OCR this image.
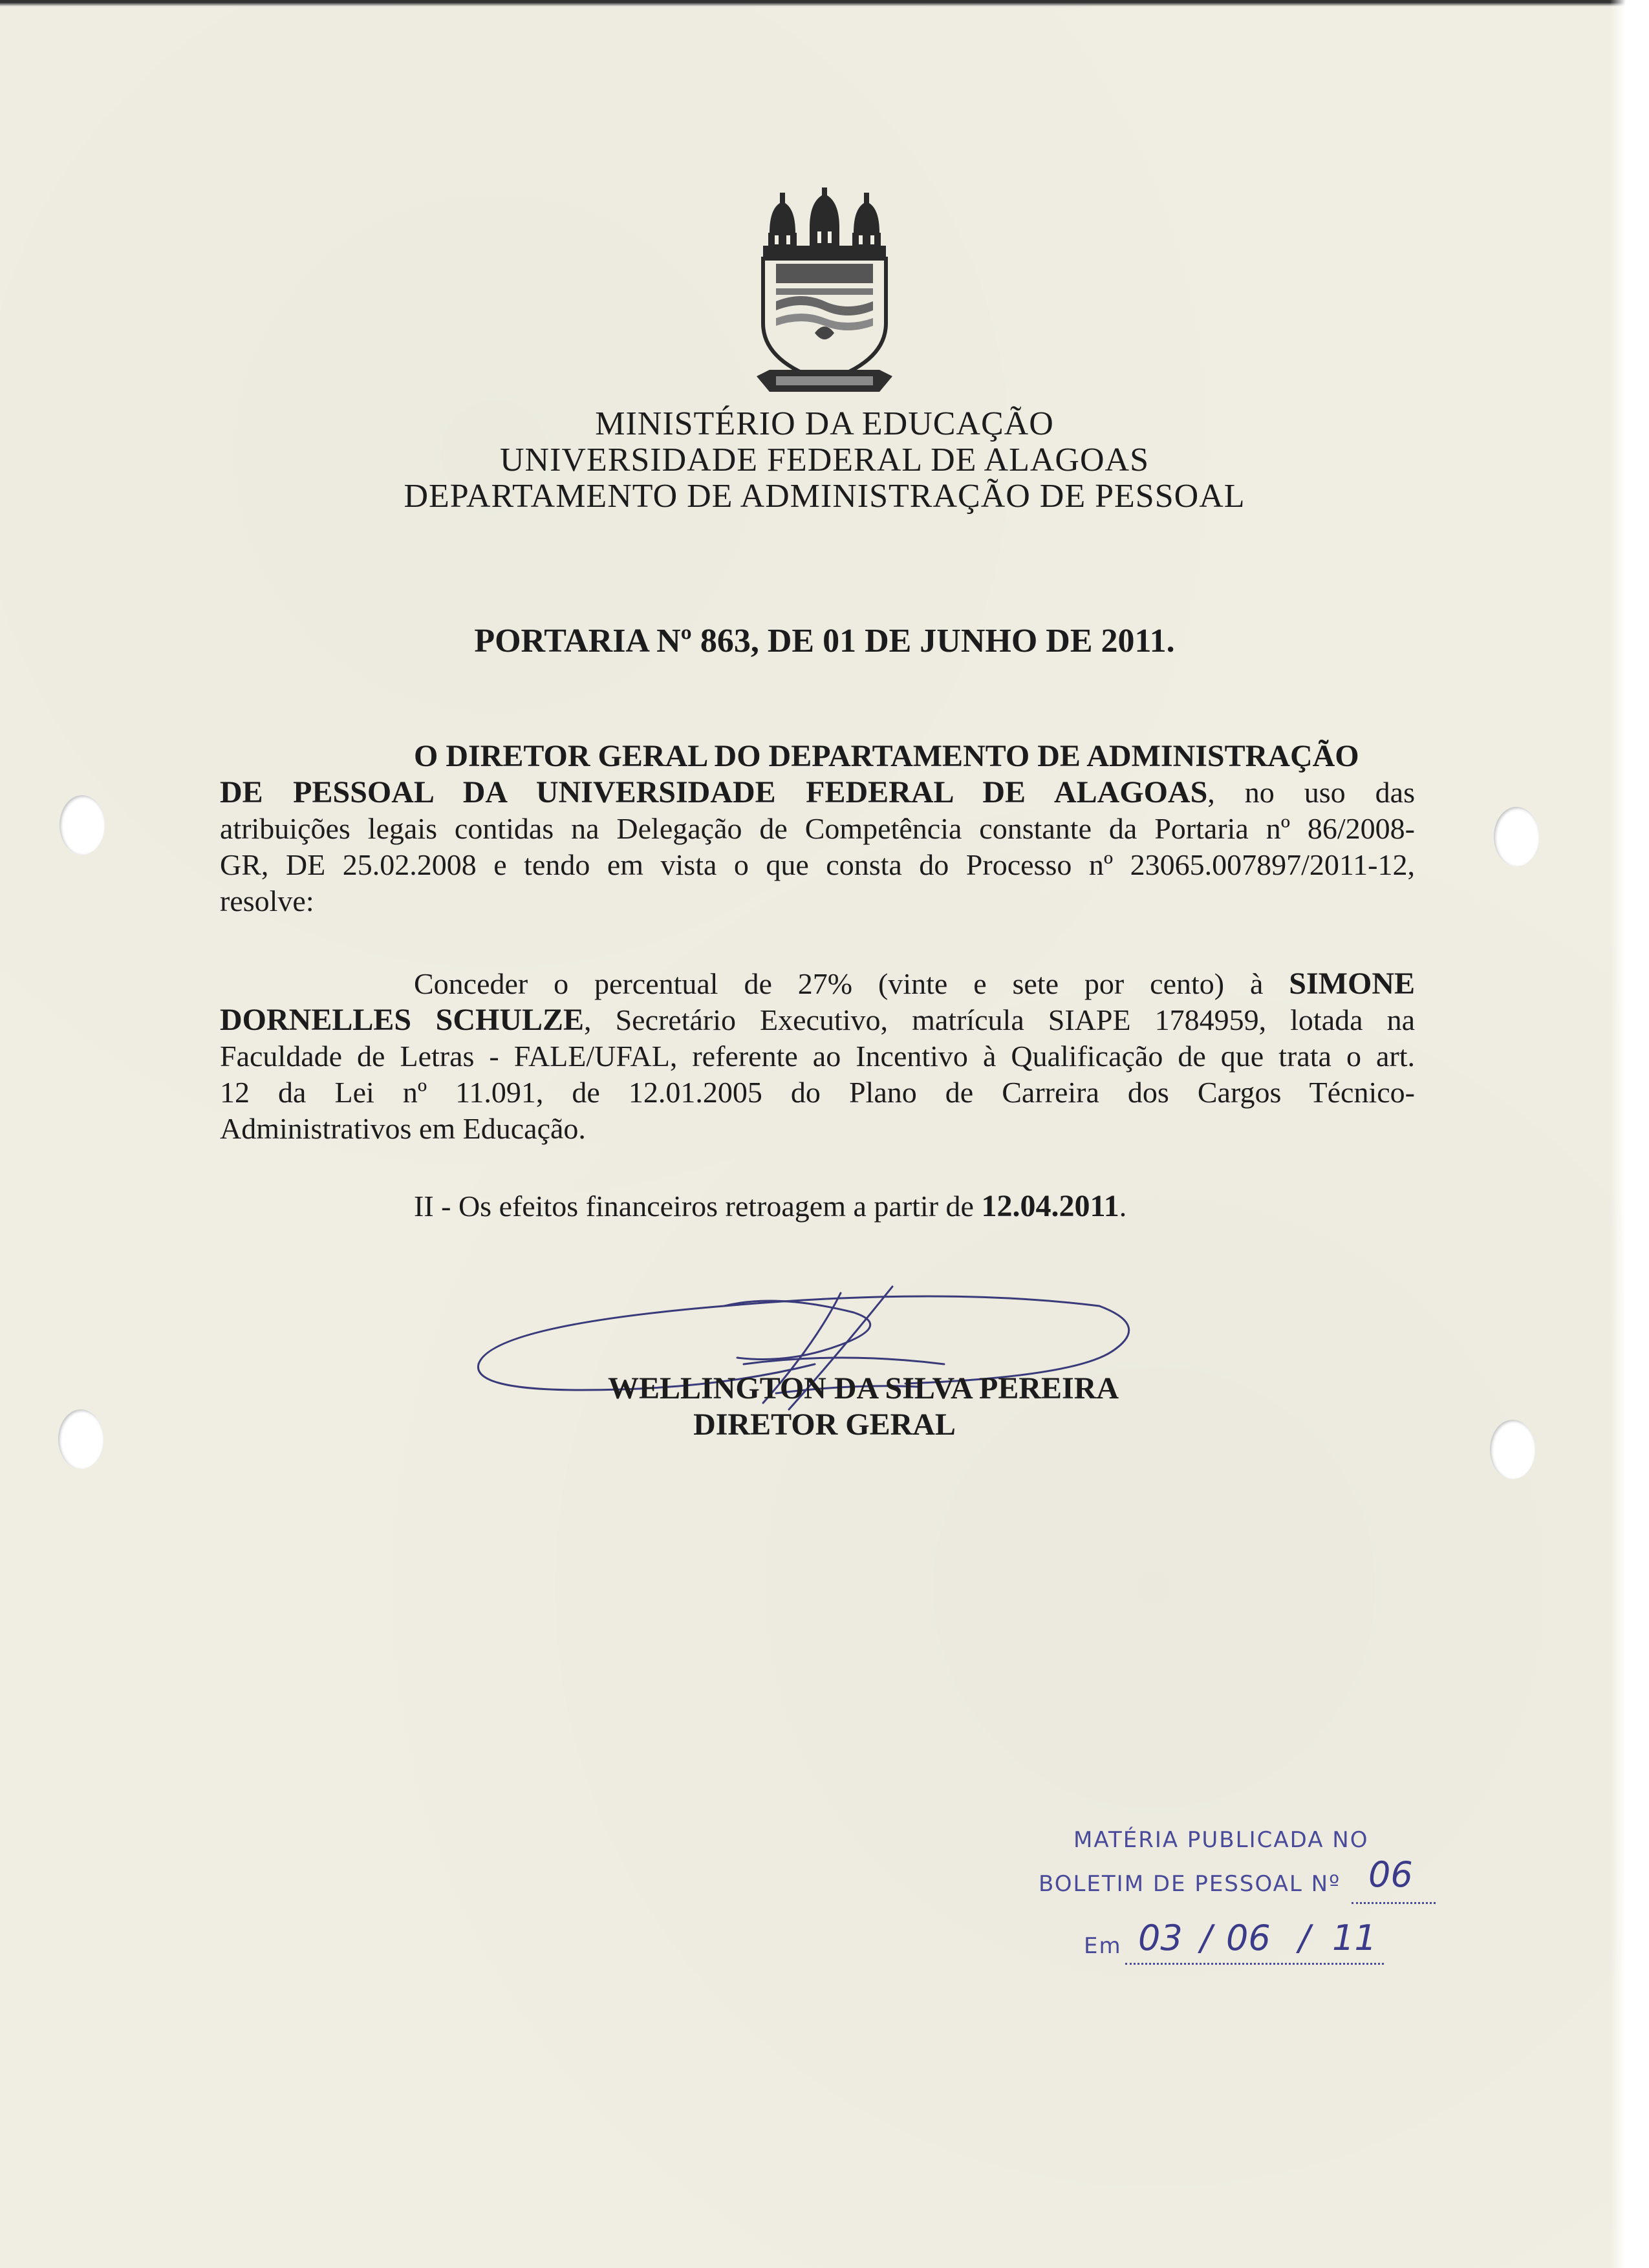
MINISTÉRIO DA EDUCAÇÃO
UNIVERSIDADE FEDERAL DE ALAGOAS
DEPARTAMENTO DE ADMINISTRAÇÃO DE PESSOAL
PORTARIA Nº 863, DE 01 DE JUNHO DE 2011.
O DIRETOR GERAL DO DEPARTAMENTO DE ADMINISTRAÇÃO
DE PESSOAL DA UNIVERSIDADE FEDERAL DE ALAGOAS, no uso das
atribuições legais contidas na Delegação de Competência constante da Portaria nº 86/2008-
GR, DE 25.02.2008 e tendo em vista o que consta do Processo nº 23065.007897/2011-12,
resolve:
Conceder o percentual de 27% (vinte e sete por cento) à SIMONE
DORNELLES SCHULZE, Secretário Executivo, matrícula SIAPE 1784959, lotada na
Faculdade de Letras - FALE/UFAL, referente ao Incentivo à Qualificação de que trata o art.
12 da Lei nº 11.091, de 12.01.2005 do Plano de Carreira dos Cargos Técnico-
Administrativos em Educação.
II - Os efeitos financeiros retroagem a partir de 12.04.2011.
WELLINGTON DA SILVA PEREIRA
DIRETOR GERAL
MATÉRIA PUBLICADA NO
BOLETIM DE PESSOAL Nº 06
Em 03 / 06 / 11
